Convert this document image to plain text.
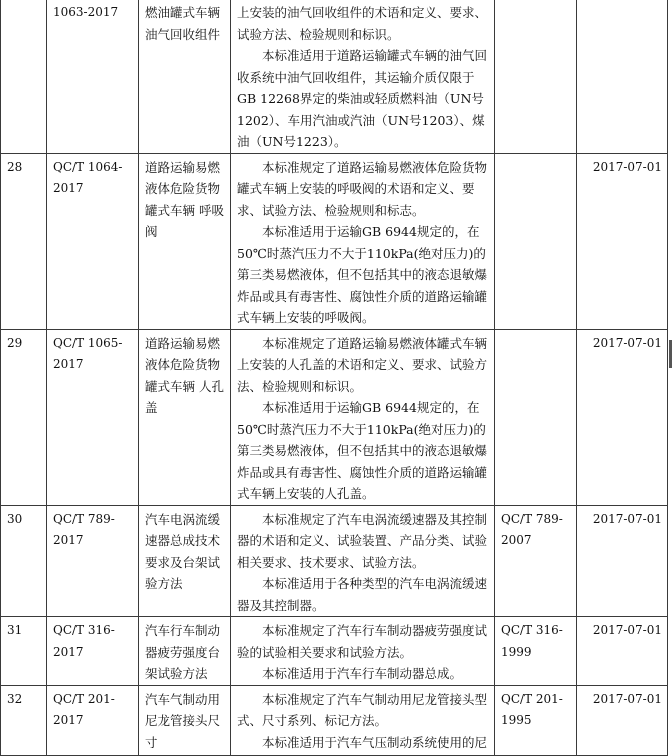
	1063-2017	燃油罐式车辆油气回收组件	上安装的油气回收组件的术语和定义、要求、试验方法、检验规则和标识。

本标准适用于道路运输罐式车辆的油气回收系统中油气回收组件，其运输介质仅限于GB 12268界定的柴油或轻质燃料油（UN号1202）、车用汽油或汽油（UN号1203）、煤油（UN号1223）。		

28	QC/T 1064-2017	道路运输易燃液体危险货物罐式车辆 呼吸阀	本标准规定了道路运输易燃液体危险货物罐式车辆上安装的呼吸阀的术语和定义、要求、试验方法、检验规则和标志。

本标准适用于运输GB 6944规定的，在50℃时蒸汽压力不大于110kPa(绝对压力)的第三类易燃液体，但不包括其中的液态退敏爆炸品或具有毒害性、腐蚀性介质的道路运输罐式车辆上安装的呼吸阀。		2017-07-01
29	QC/T 1065-2017	道路运输易燃液体危险货物罐式车辆 人孔盖	本标准规定了道路运输易燃液体罐式车辆上安装的人孔盖的术语和定义、要求、试验方法、检验规则和标识。

本标准适用于运输GB 6944规定的，在50℃时蒸汽压力不大于110kPa(绝对压力)的第三类易燃液体，但不包括其中的液态退敏爆炸品或具有毒害性、腐蚀性介质的道路运输罐式车辆上安装的人孔盖。		2017-07-01
30	QC/T 789-2017	汽车电涡流缓速器总成技术要求及台架试验方法	本标准规定了汽车电涡流缓速器及其控制器的术语和定义、试验装置、产品分类、试验相关要求、技术要求、试验方法。

本标准适用于各种类型的汽车电涡流缓速器及其控制器。	QC/T 789-2007	2017-07-01
31	QC/T 316-2017	汽车行车制动器疲劳强度台架试验方法	本标准规定了汽车行车制动器疲劳强度试验的试验相关要求和试验方法。

本标准适用于汽车行车制动器总成。	QC/T 316-1999	2017-07-01
32	QC/T 201-2017	汽车气制动用尼龙管接头尺寸	本标准规定了汽车气制动用尼龙管接头型式、尺寸系列、标记方法。

本标准适用于汽车气压制动系统使用的尼	QC/T 201-1995	2017-07-01
